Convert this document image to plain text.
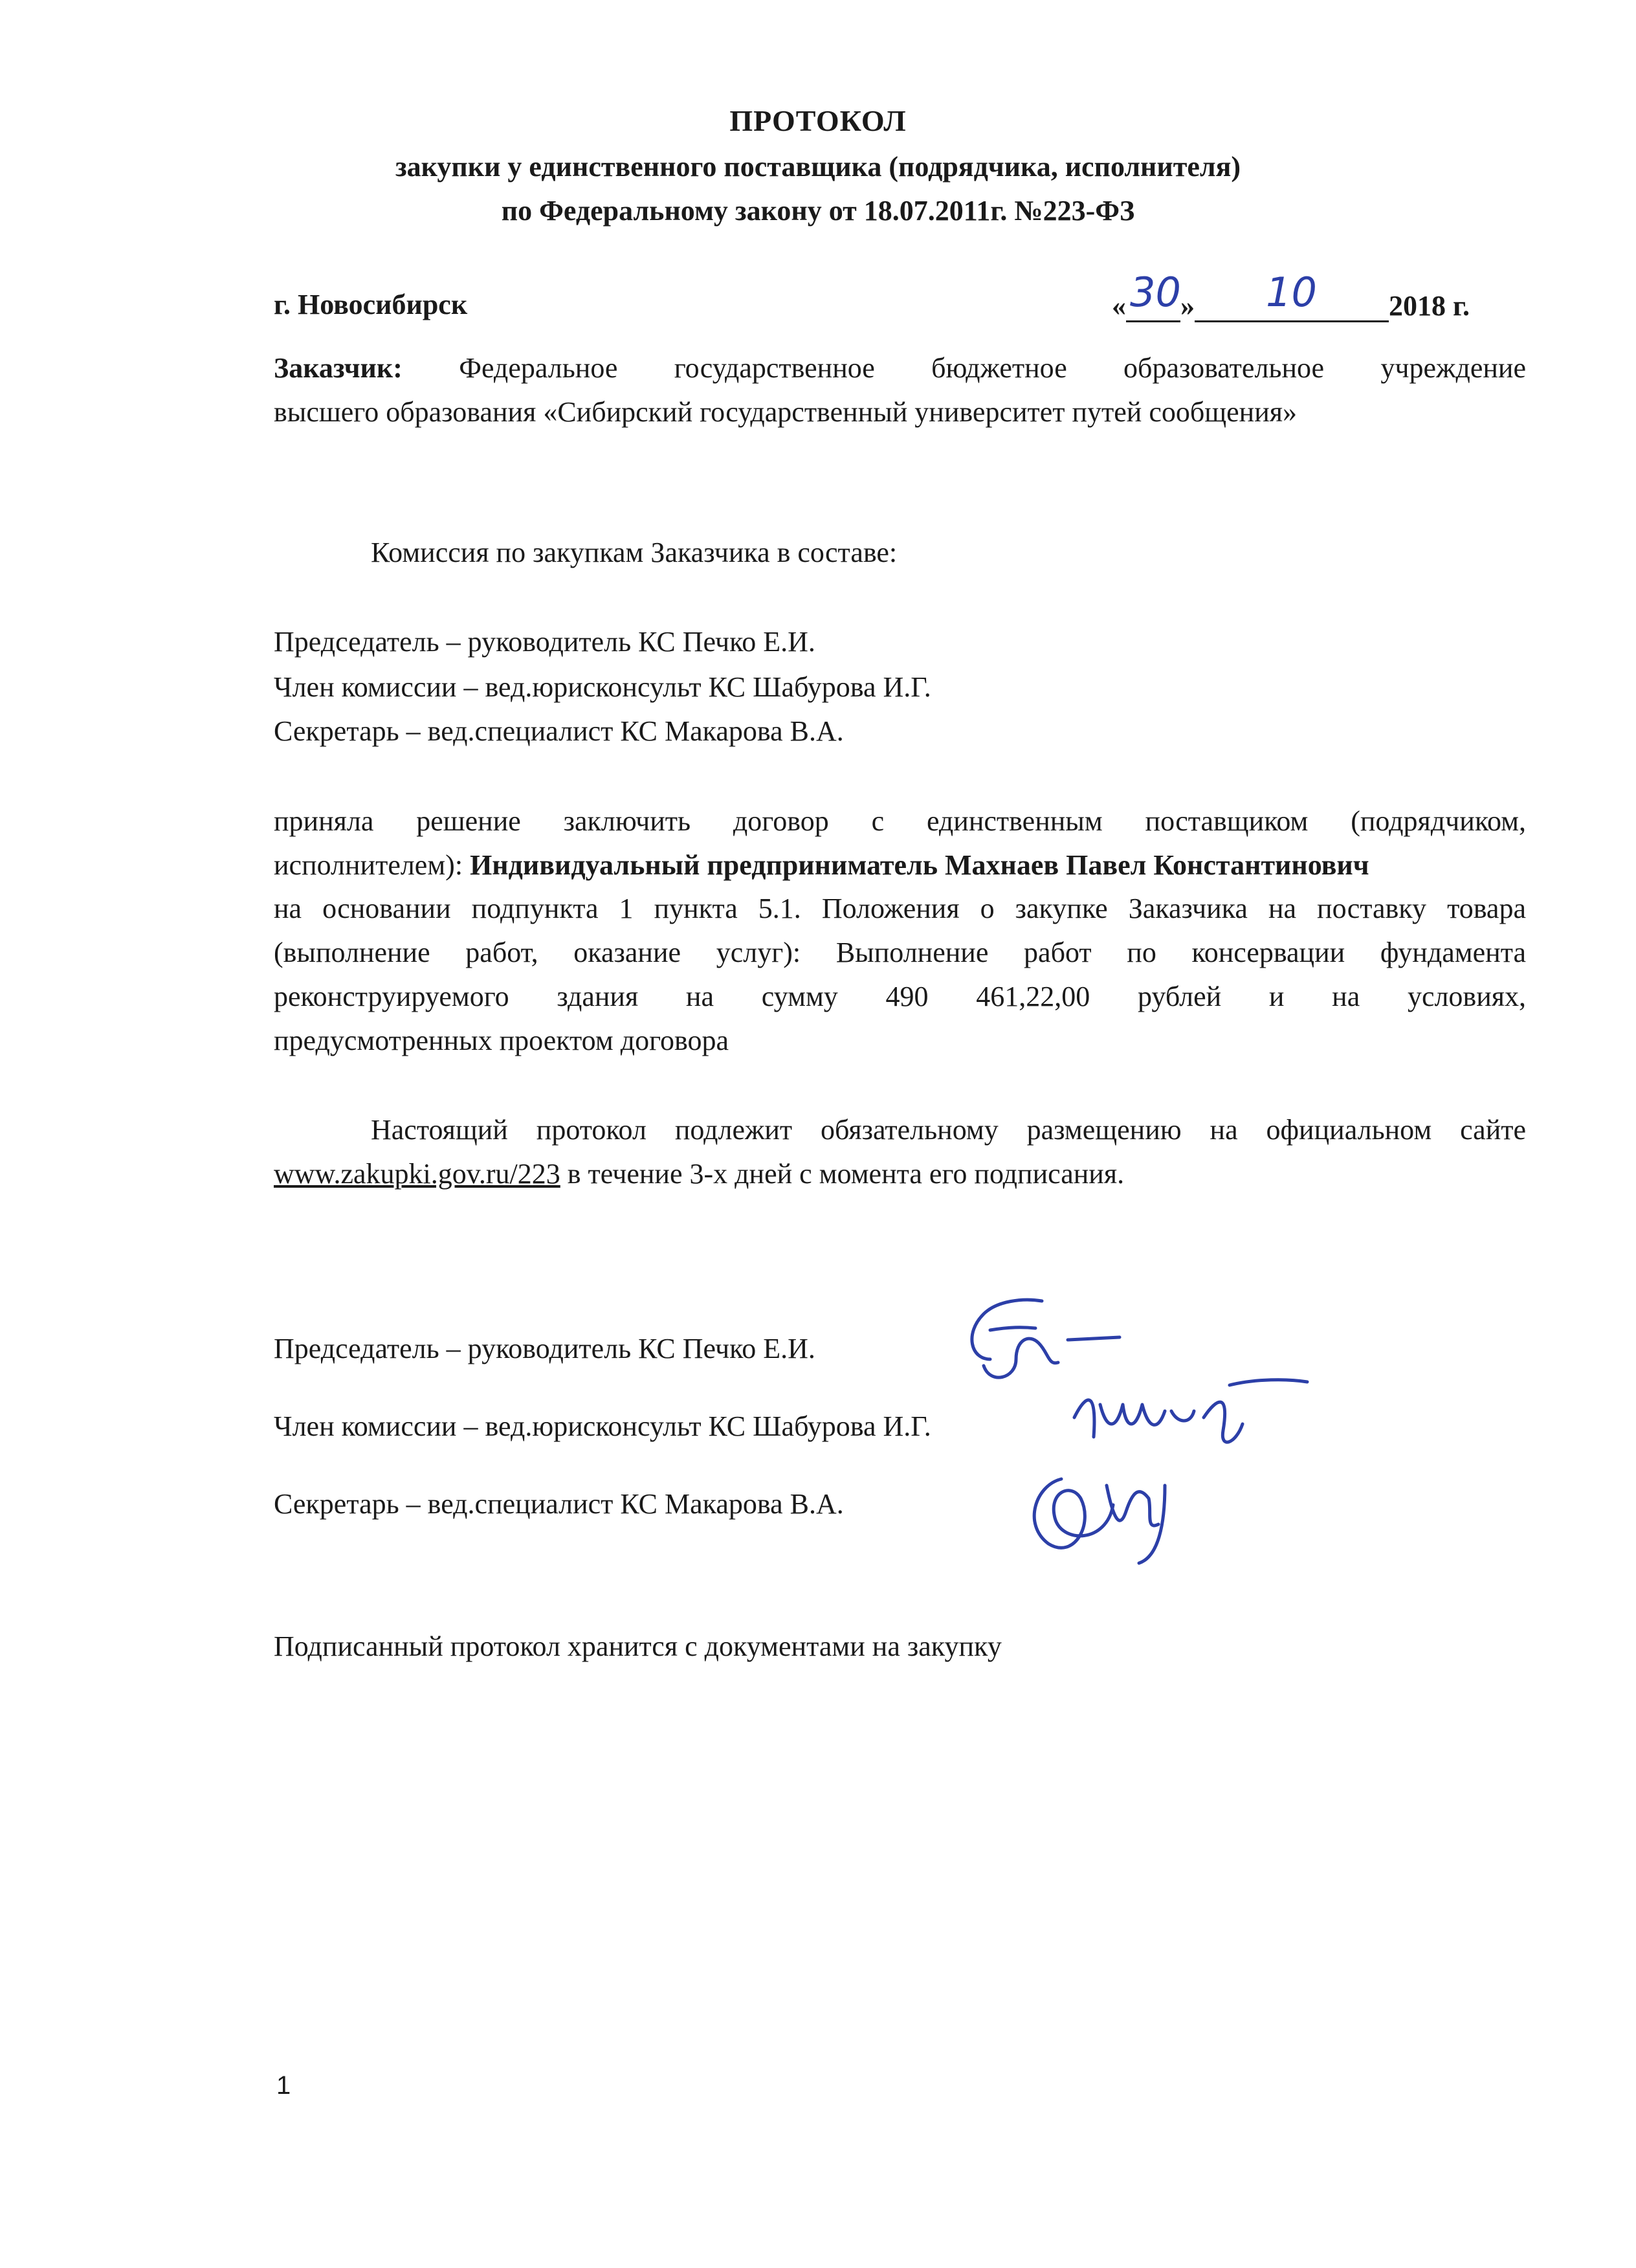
ПРОТОКОЛ
закупки у единственного поставщика (подрядчика, исполнителя)
по Федеральному закону от 18.07.2011г. №223-ФЗ
г. Новосибирск	« 30 » 10	2018 г.
Заказчик: Федеральное государственное бюджетное образовательное учреждение
высшего образования «Сибирский государственный университет путей сообщения»
Комиссия по закупкам Заказчика в составе:
Председатель – руководитель КС Печко Е.И.
Член комиссии – вед.юрисконсульт КС Шабурова И.Г.
Секретарь – вед.специалист КС Макарова В.А.
приняла решение заключить договор с единственным поставщиком (подрядчиком,
исполнителем): Индивидуальный предприниматель Махнаев Павел Константинович
на основании подпункта 1 пункта 5.1. Положения о закупке Заказчика на поставку товара
(выполнение работ, оказание услуг): Выполнение работ по консервации фундамента
реконструируемого здания на сумму 490 461,22,00 рублей и на условиях,
предусмотренных проектом договора
Настоящий протокол подлежит обязательному размещению на официальном сайте
www.zakupki.gov.ru/223 в течение 3-х дней с момента его подписания.
Председатель – руководитель КС Печко Е.И.
Член комиссии – вед.юрисконсульт КС Шабурова И.Г.
Секретарь – вед.специалист КС Макарова В.А.
Подписанный протокол хранится с документами на закупку
1
